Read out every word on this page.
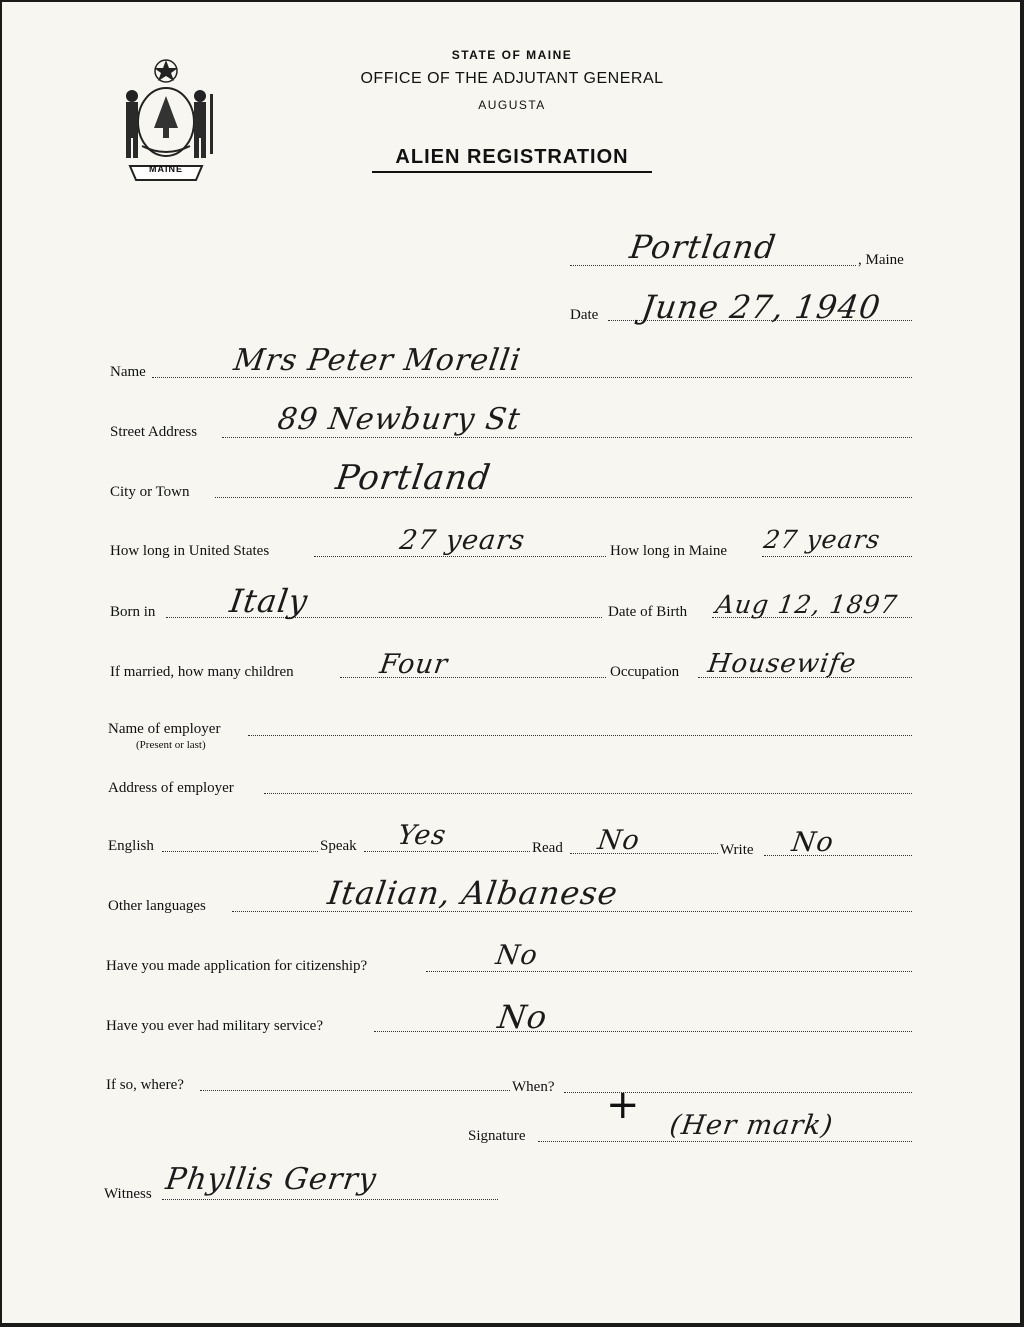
MAINE
STATE OF MAINE
OFFICE OF THE ADJUTANT GENERAL
AUGUSTA
ALIEN REGISTRATION
, Maine
Portland
Date June 27, 1940
Name	Mrs Peter Morelli
Street Address	89 Newbury St
City or Town	Portland
How long in United States	27 years	How long in Maine 27 years
Born in Italy	Date of Birth Aug 12, 1897
If married, how many children	Four	Occupation Housewife
Name of employer
(Present or last)
Address of employer
English	Speak Yes	Read No	Write No
Other languages	Italian, Albanese
Have you made application for citizenship?	No
Have you ever had military service?	No
If so, where?	When? +
Signature	(Her mark)
Witness Phyllis Gerry
